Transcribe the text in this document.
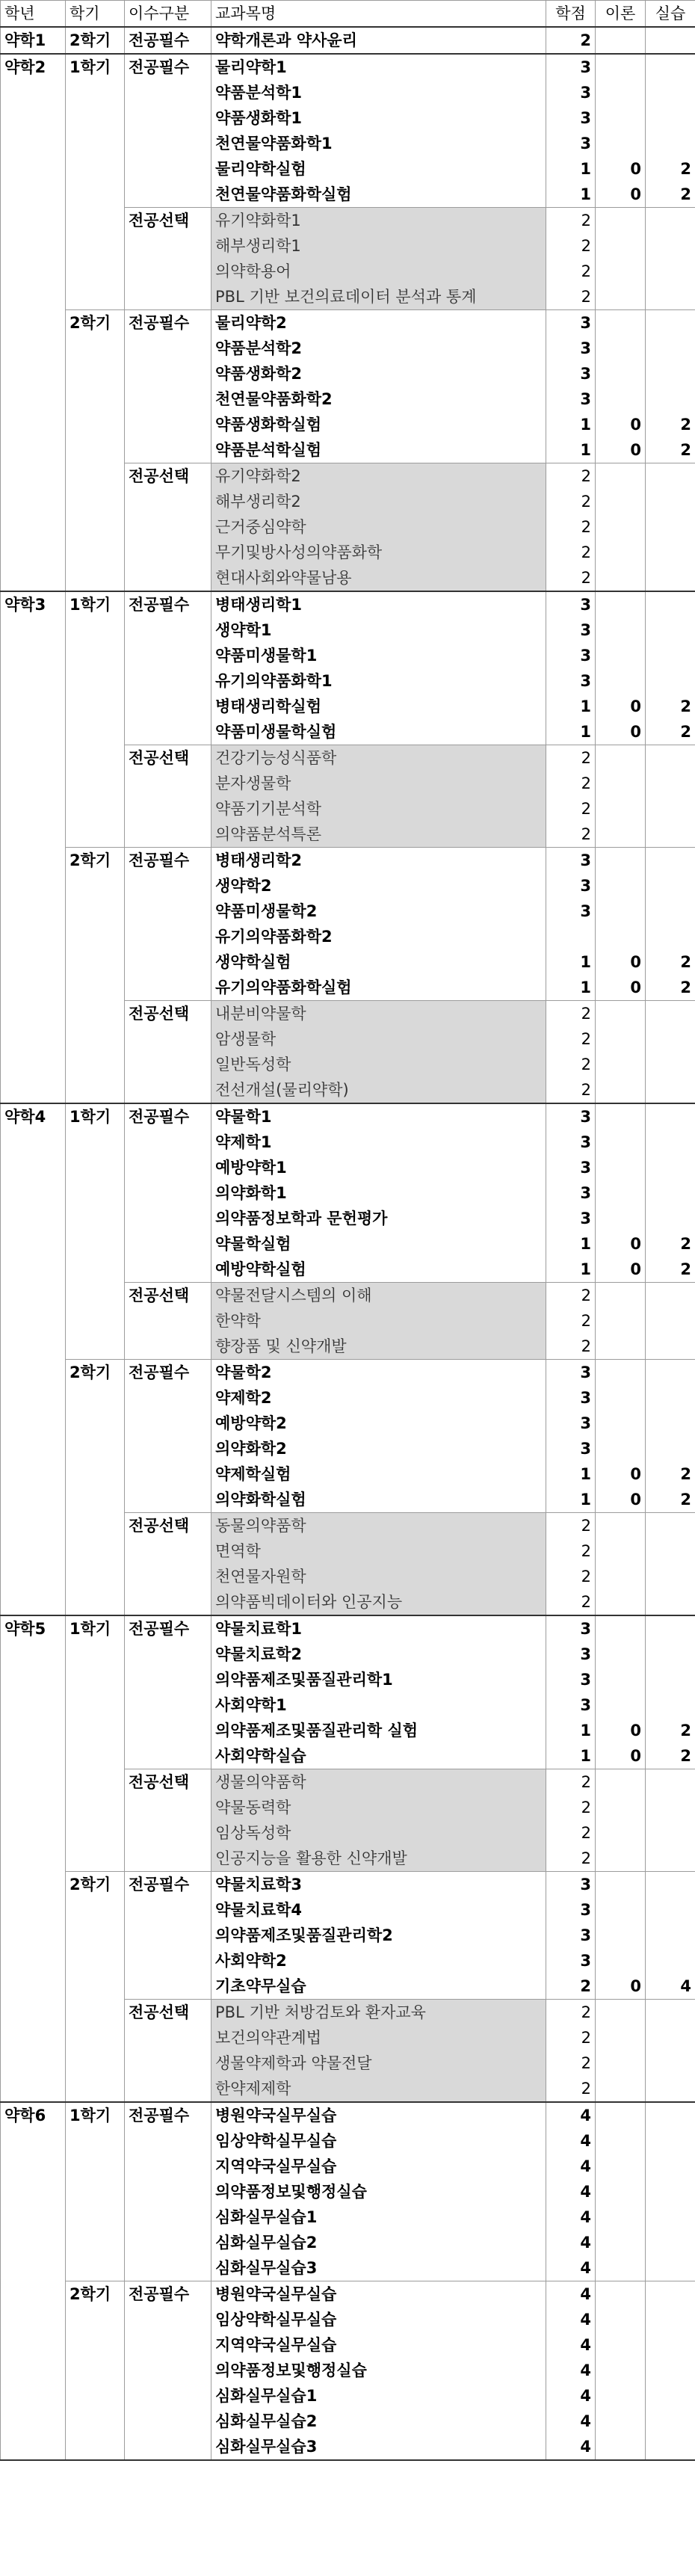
학년	학기	이수구분	교과목명	학점	이론	실습
약학1	2학기	전공필수	약학개론과 약사윤리	2		
약학2	1학기	전공필수	물리약학1	3		
			약품분석학1	3		
			약품생화학1	3		
			천연물약품화학1	3		
			물리약학실험	1	0	2
			천연물약품화학실험	1	0	2
		전공선택	유기약화학1	2		
			해부생리학1	2		
			의약학용어	2		
			PBL 기반 보건의료데이터 분석과 통계	2		
	2학기	전공필수	물리약학2	3		
			약품분석학2	3		
			약품생화학2	3		
			천연물약품화학2	3		
			약품생화학실험	1	0	2
			약품분석학실험	1	0	2
		전공선택	유기약화학2	2		
			해부생리학2	2		
			근거중심약학	2		
			무기및방사성의약품화학	2		
			현대사회와약물남용	2		
약학3	1학기	전공필수	병태생리학1	3		
			생약학1	3		
			약품미생물학1	3		
			유기의약품화학1	3		
			병태생리학실험	1	0	2
			약품미생물학실험	1	0	2
		전공선택	건강기능성식품학	2		
			분자생물학	2		
			약품기기분석학	2		
			의약품분석특론	2		
	2학기	전공필수	병태생리학2	3		
			생약학2	3		
			약품미생물학2	3		
			유기의약품화학2			
			생약학실험	1	0	2
			유기의약품화학실험	1	0	2
		전공선택	내분비약물학	2		
			암생물학	2		
			일반독성학	2		
			전선개설(물리약학)	2		
약학4	1학기	전공필수	약물학1	3		
			약제학1	3		
			예방약학1	3		
			의약화학1	3		
			의약품정보학과 문헌평가	3		
			약물학실험	1	0	2
			예방약학실험	1	0	2
		전공선택	약물전달시스템의 이해	2		
			한약학	2		
			향장품 및 신약개발	2		
	2학기	전공필수	약물학2	3		
			약제학2	3		
			예방약학2	3		
			의약화학2	3		
			약제학실험	1	0	2
			의약화학실험	1	0	2
		전공선택	동물의약품학	2		
			면역학	2		
			천연물자원학	2		
			의약품빅데이터와 인공지능	2		
약학5	1학기	전공필수	약물치료학1	3		
			약물치료학2	3		
			의약품제조및품질관리학1	3		
			사회약학1	3		
			의약품제조및품질관리학 실험	1	0	2
			사회약학실습	1	0	2
		전공선택	생물의약품학	2		
			약물동력학	2		
			임상독성학	2		
			인공지능을 활용한 신약개발	2		
	2학기	전공필수	약물치료학3	3		
			약물치료학4	3		
			의약품제조및품질관리학2	3		
			사회약학2	3		
			기초약무실습	2	0	4
		전공선택	PBL 기반 처방검토와 환자교육	2		
			보건의약관계법	2		
			생물약제학과 약물전달	2		
			한약제제학	2		
약학6	1학기	전공필수	병원약국실무실습	4		
			임상약학실무실습	4		
			지역약국실무실습	4		
			의약품정보및행정실습	4		
			심화실무실습1	4		
			심화실무실습2	4		
			심화실무실습3	4		
	2학기	전공필수	병원약국실무실습	4		
			임상약학실무실습	4		
			지역약국실무실습	4		
			의약품정보및행정실습	4		
			심화실무실습1	4		
			심화실무실습2	4		
			심화실무실습3	4		
